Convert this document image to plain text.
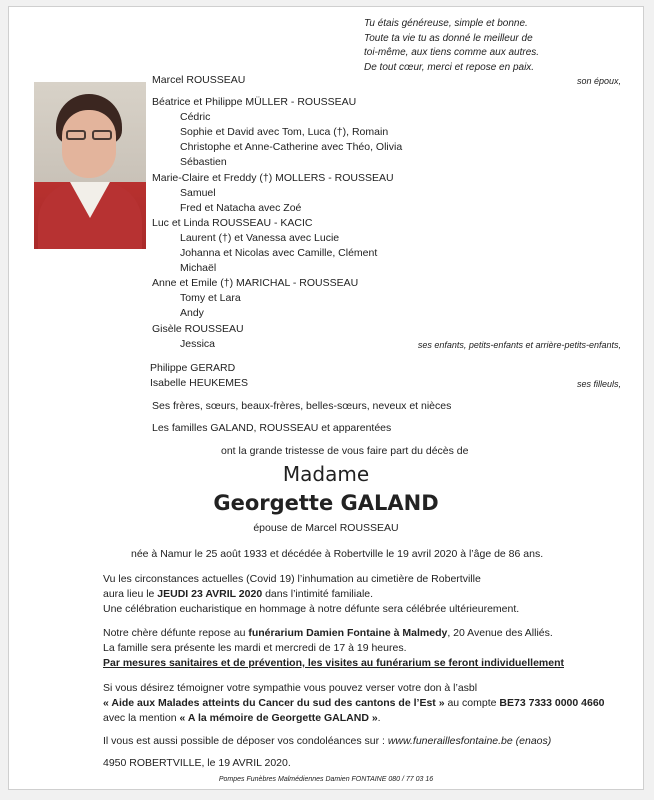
Tu étais généreuse, simple et bonne.
Toute ta vie tu as donné le meilleur de
toi-même, aux tiens comme aux autres.
De tout cœur, merci et repose en paix.
Marcel ROUSSEAU	son époux,
Béatrice et Philippe MÜLLER - ROUSSEAU
Cédric
Sophie et David avec Tom, Luca (†), Romain
Christophe et Anne-Catherine avec Théo, Olivia
Sébastien
Marie-Claire et Freddy (†) MOLLERS - ROUSSEAU
Samuel
Fred et Natacha avec Zoé
Luc et Linda ROUSSEAU - KACIC
Laurent (†) et Vanessa avec Lucie
Johanna et Nicolas avec Camille, Clément
Michaël
Anne et Emile (†) MARICHAL - ROUSSEAU
Tomy et Lara
Andy
Gisèle ROUSSEAU
Jessica	ses enfants, petits-enfants et arrière-petits-enfants,
Philippe GERARD
Isabelle HEUKEMES	ses filleuls,
Ses frères, sœurs, beaux-frères, belles-sœurs, neveux et nièces
Les familles GALAND, ROUSSEAU et apparentées
ont la grande tristesse de vous faire part du décès de
Madame
Georgette GALAND
épouse de Marcel ROUSSEAU
née à Namur le 25 août 1933 et décédée à Robertville le 19 avril 2020 à l’âge de 86 ans.
Vu les circonstances actuelles (Covid 19) l’inhumation au cimetière de Robertville
aura lieu le JEUDI 23 AVRIL 2020 dans l’intimité familiale.
Une célébration eucharistique en hommage à notre défunte sera célébrée ultérieurement.
Notre chère défunte repose au funérarium Damien Fontaine à Malmedy, 20 Avenue des Alliés.
La famille sera présente les mardi et mercredi de 17 à 19 heures.
Par mesures sanitaires et de prévention, les visites au funérarium se feront individuellement
Si vous désirez témoigner votre sympathie vous pouvez verser votre don à l’asbl
« Aide aux Malades atteints du Cancer du sud des cantons de l’Est » au compte BE73 7333 0000 4660
avec la mention « A la mémoire de Georgette GALAND ».
Il vous est aussi possible de déposer vos condoléances sur : www.funeraillesfontaine.be (enaos)
4950 ROBERTVILLE, le 19 AVRIL 2020.
Pompes Funèbres Malmédiennes Damien FONTAINE 080 / 77 03 16
